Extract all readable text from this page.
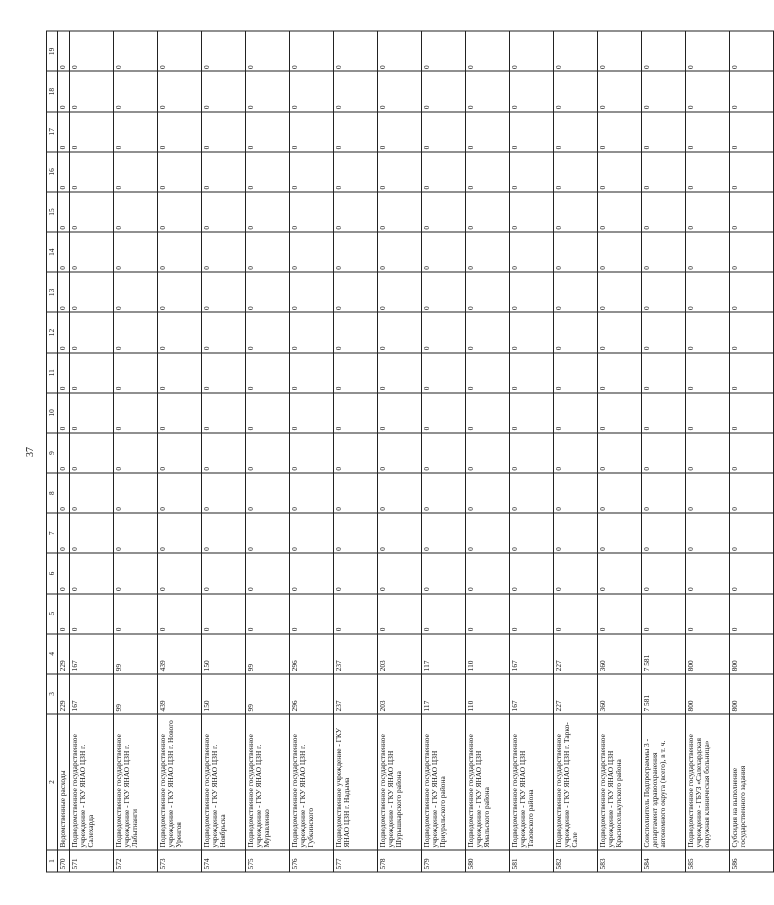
37
1	2	3	4	5	6	7	8	9	10	11	12	13	14	15	16	17	18	19
570	Ведомственные расходы	229	229	0	0	0	0	0	0	0	0	0	0	0	0	0	0	0
571	Подведомственное государственное учреждение - ГКУ ЯНАО ЦЗН г. Салехарда	167	167	0	0	0	0	0	0	0	0	0	0	0	0	0	0	0
572	Подведомственное государственное учреждение - ГКУ ЯНАО ЦЗН г. Лабытнанги	99	99	0	0	0	0	0	0	0	0	0	0	0	0	0	0	0
573	Подведомственное государственное учреждение - ГКУ ЯНАО ЦЗН г. Нового Уренгоя	439	439	0	0	0	0	0	0	0	0	0	0	0	0	0	0	0
574	Подведомственное государственное учреждение - ГКУ ЯНАО ЦЗН г. Ноябрьска	150	150	0	0	0	0	0	0	0	0	0	0	0	0	0	0	0
575	Подведомственное государственное учреждение - ГКУ ЯНАО ЦЗН г. Муравленко	99	99	0	0	0	0	0	0	0	0	0	0	0	0	0	0	0
576	Подведомственное государственное учреждение - ГКУ ЯНАО ЦЗН г. Губкинского	296	296	0	0	0	0	0	0	0	0	0	0	0	0	0	0	0
577	Подведомственное учреждение - ГКУ ЯНАО ЦЗН г. Надыма	237	237	0	0	0	0	0	0	0	0	0	0	0	0	0	0	0
578	Подведомственное государственное учреждение - ГКУ ЯНАО ЦЗН Шурышкарского района	203	203	0	0	0	0	0	0	0	0	0	0	0	0	0	0	0
579	Подведомственное государственное учреждение - ГКУ ЯНАО ЦЗН Приуральского района	117	117	0	0	0	0	0	0	0	0	0	0	0	0	0	0	0
580	Подведомственное государственное учреждение - ГКУ ЯНАО ЦЗН Ямальского района	110	110	0	0	0	0	0	0	0	0	0	0	0	0	0	0	0
581	Подведомственное государственное учреждение - ГКУ ЯНАО ЦЗН Тазовского района	167	167	0	0	0	0	0	0	0	0	0	0	0	0	0	0	0
582	Подведомственное государственное учреждение - ГКУ ЯНАО ЦЗН г. Тарко-Сале	227	227	0	0	0	0	0	0	0	0	0	0	0	0	0	0	0
583	Подведомственное государственное учреждение - ГКУ ЯНАО ЦЗН Красноселькупского района	360	360	0	0	0	0	0	0	0	0	0	0	0	0	0	0	0
584	Соисполнитель Подпрограммы 3 - департамент здравоохранения автономного округа (всего), в т. ч.	7 581	7 581	0	0	0	0	0	0	0	0	0	0	0	0	0	0	0
585	Подведомственное государственное учреждение - ГБУЗ «Салехардская окружная клиническая больница»	800	800	0	0	0	0	0	0	0	0	0	0	0	0	0	0	0
586	Субсидия на выполнение государственного задания	800	800	0	0	0	0	0	0	0	0	0	0	0	0	0	0	0
